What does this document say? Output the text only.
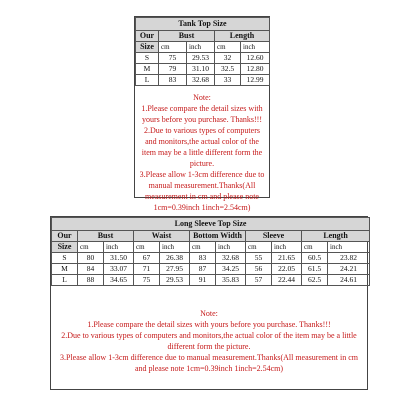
Tank Top Size				
Our	Bust		Length	
Size	cm	inch	cm	inch
S	75	29.53	32	12.60
M	79	31.10	32.5	12.80
L	83	32.68	33	12.99

Note:

1.Please compare the detail sizes with yours before you purchase. Thanks!!!

2.Due to various types of computers and monitors,the actual color of the item may be a little different form the picture.

3.Please allow 1-3cm difference due to manual measurement.Thanks(All measurement in cm and please note 1cm=0.39inch 1inch=2.54cm)

Long Sleeve Top Size										
Our	Bust		Waist		Bottom Width		Sleeve		Length	
Size	cm	inch	cm	inch	cm	inch	cm	inch	cm	inch
S	80	31.50	67	26.38	83	32.68	55	21.65	60.5	23.82
M	84	33.07	71	27.95	87	34.25	56	22.05	61.5	24.21
L	88	34.65	75	29.53	91	35.83	57	22.44	62.5	24.61

Note:

1.Please compare the detail sizes with yours before you purchase. Thanks!!!

2.Due to various types of computers and monitors,the actual color of the item may be a little different form the picture.

3.Please allow 1-3cm difference due to manual measurement.Thanks(All measurement in cm and please note 1cm=0.39inch 1inch=2.54cm)
